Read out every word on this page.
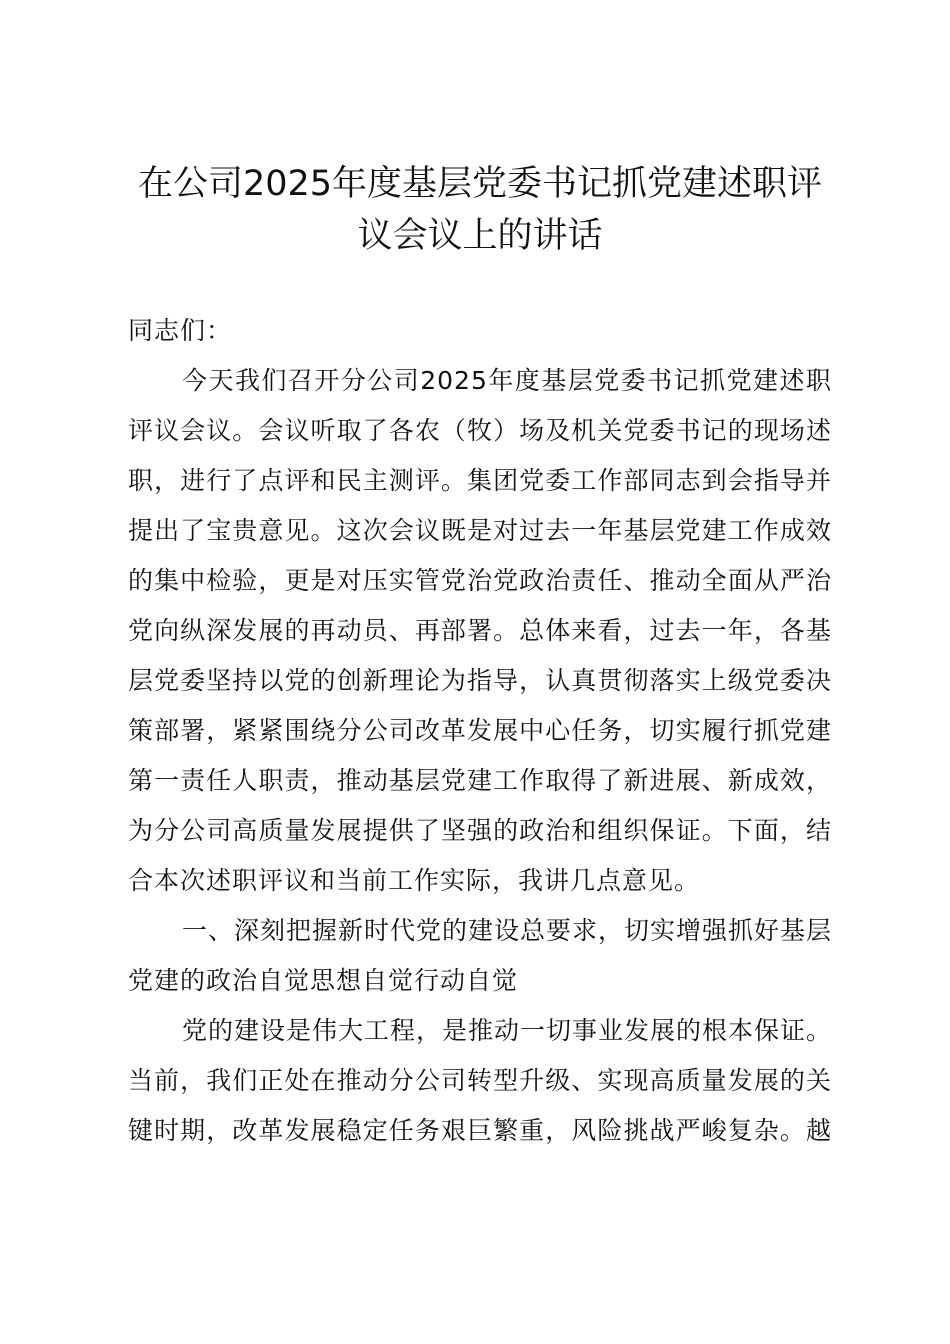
在公司2025年度基层党委书记抓党建述职评
议会议上的讲话
同志们：
今天我们召开分公司2025年度基层党委书记抓党建述职
评议会议。会议听取了各农（牧）场及机关党委书记的现场述
职，进行了点评和民主测评。集团党委工作部同志到会指导并
提出了宝贵意见。这次会议既是对过去一年基层党建工作成效
的集中检验，更是对压实管党治党政治责任、推动全面从严治
党向纵深发展的再动员、再部署。总体来看，过去一年，各基
层党委坚持以党的创新理论为指导，认真贯彻落实上级党委决
策部署，紧紧围绕分公司改革发展中心任务，切实履行抓党建
第一责任人职责，推动基层党建工作取得了新进展、新成效，
为分公司高质量发展提供了坚强的政治和组织保证。下面，结
合本次述职评议和当前工作实际，我讲几点意见。
一、深刻把握新时代党的建设总要求，切实增强抓好基层
党建的政治自觉思想自觉行动自觉
党的建设是伟大工程，是推动一切事业发展的根本保证。
当前，我们正处在推动分公司转型升级、实现高质量发展的关
键时期，改革发展稳定任务艰巨繁重，风险挑战严峻复杂。越
